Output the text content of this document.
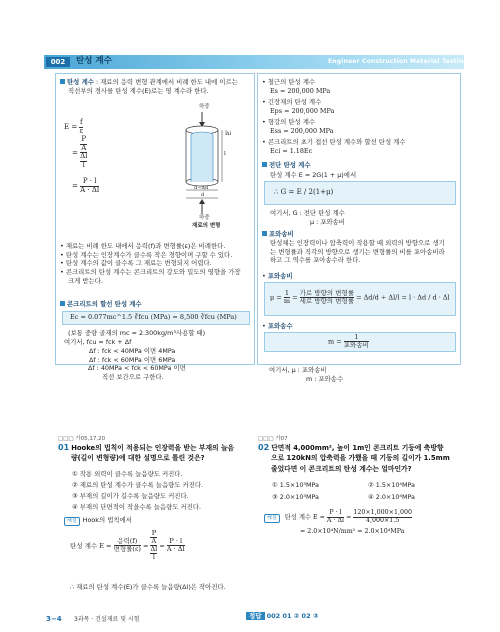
002	탄성 계수	Engineer Construction Material Testing
탄성 계수 : 재료의 응력 변형 관계에서 비례 한도 내에 이르는
직선부의 경사를 탄성 계수(E)로는 영 계수라 한다.
$E = \frac{f}{\varepsilon}$
= P
A
Δl
l
= $\frac{P \cdot l}{A \cdot \Delta l}$
하중
l
Δl
d−Δd
d
하중
재료의 변형
• 재료는 비례 한도 내에서 응력(f)과 변형률(ε)은 비례한다.
• 탄성 계수는 인장계수가 클수록 작은 경향이며 구할 수 있다.
• 탄성 계수의 값이 클수록 그 재료는 변형되지 어렵다.
• 콘크리트의 탄성 계수는 콘크리트의 강도와 밀도의 영향을 가장
크게 받는다.
콘크리트의 할선 탄성 계수
Ec = 0.077mc^1.5 ∛fcu (MPa) = 8,500 ∛fcu (MPa)
(보통 중량 골재의 mc = 2.300kg/m³사용할 때)
여기서, fcu = fck + Δf
Δf : fck < 40MPa 이면 4MPa
Δf : fck < 60MPa 이면 6MPa
Δf : 40MPa < fck < 60MPa 이면
직선 보간으로 구한다.
• 철근의 탄성 계수
Es = 200,000 MPa
• 긴장재의 탄성 계수
Eps = 200,000 MPa
• 형강의 탄성 계수
Ess = 200,000 MPa
• 콘크리트의 초기 접선 탄성 계수와 할선 탄성 계수
Eci = 1.18Ec
전단 탄성 계수
탄성 계수 E = 2G(1 + μ)에서
∴ G = E / 2(1+μ)
여기서, G : 전단 탄성 계수
μ : 포와송비
포와송비
탄성체는 인장력이나 압축력이 작용할 때 외력의 방향으로 생기
는 변형률과 직각의 방향으로 생기는 변형률의 비를 포아송비라
하고 그 역수를 포아송수라 한다.
• 포와송비
$\mu = \frac{1}{m} = \frac{\text{가로 방향의 변형률}}{\text{세로 방향의 변형률}} = \Delta d/d \div \Delta l/l = l \cdot \Delta d / d \cdot \Delta l$
• 포와송수
$m = \frac{1}{\text{포와송비}}$
여기서, μ : 포와송비
m : 포와송수
□□□ 가05,17,20
01 Hooke의 법칙이 적용되는 인장력을 받는 부재의 늘음
량(길이 변형량)에 대한 설명으로 틀린 것은?
① 작용 외력이 클수록 늘음량도 커진다.
② 재료의 탄성 계수가 클수록 늘음량도 커진다.
③ 부재의 길이가 길수록 늘음량도 커진다.
④ 부재의 단면적이 작을수록 늘음량도 커진다.
해설 Hook의 법칙에서
탄성 계수 $E = \frac{\text{응력(f)}}{\text{변형률(ε)}} = P$
A
Δl
$l = \frac{P \cdot l}{A \cdot \Delta l}$
∴ 재료의 탄성 계수(E)가 클수록 늘음량(Δl)은 작아진다.
□□□ 가07
02 단면적 4,000mm², 높이 1m인 콘크리트 기둥에 축방향
으로 120kN의 압축력을 가했을 때 기둥의 길이가 1.5mm
줄었다면 이 콘크리트의 탄성 계수는 얼마인가?
① 1.5×10³MPa	② 1.5×10⁴MPa
③ 2.0×10³MPa	④ 2.0×10⁴MPa
해설 탄성 계수 $E = \frac{P \cdot l}{A \cdot \Delta l} = \frac{120\times 1,000\times 1,000}{4,000\times 1.5}$
= 2.0×10⁴N/mm² = 2.0×10⁴MPa
3−4 3과목 · 건설재료 및 시험	정답 002 01 ② 02 ③
